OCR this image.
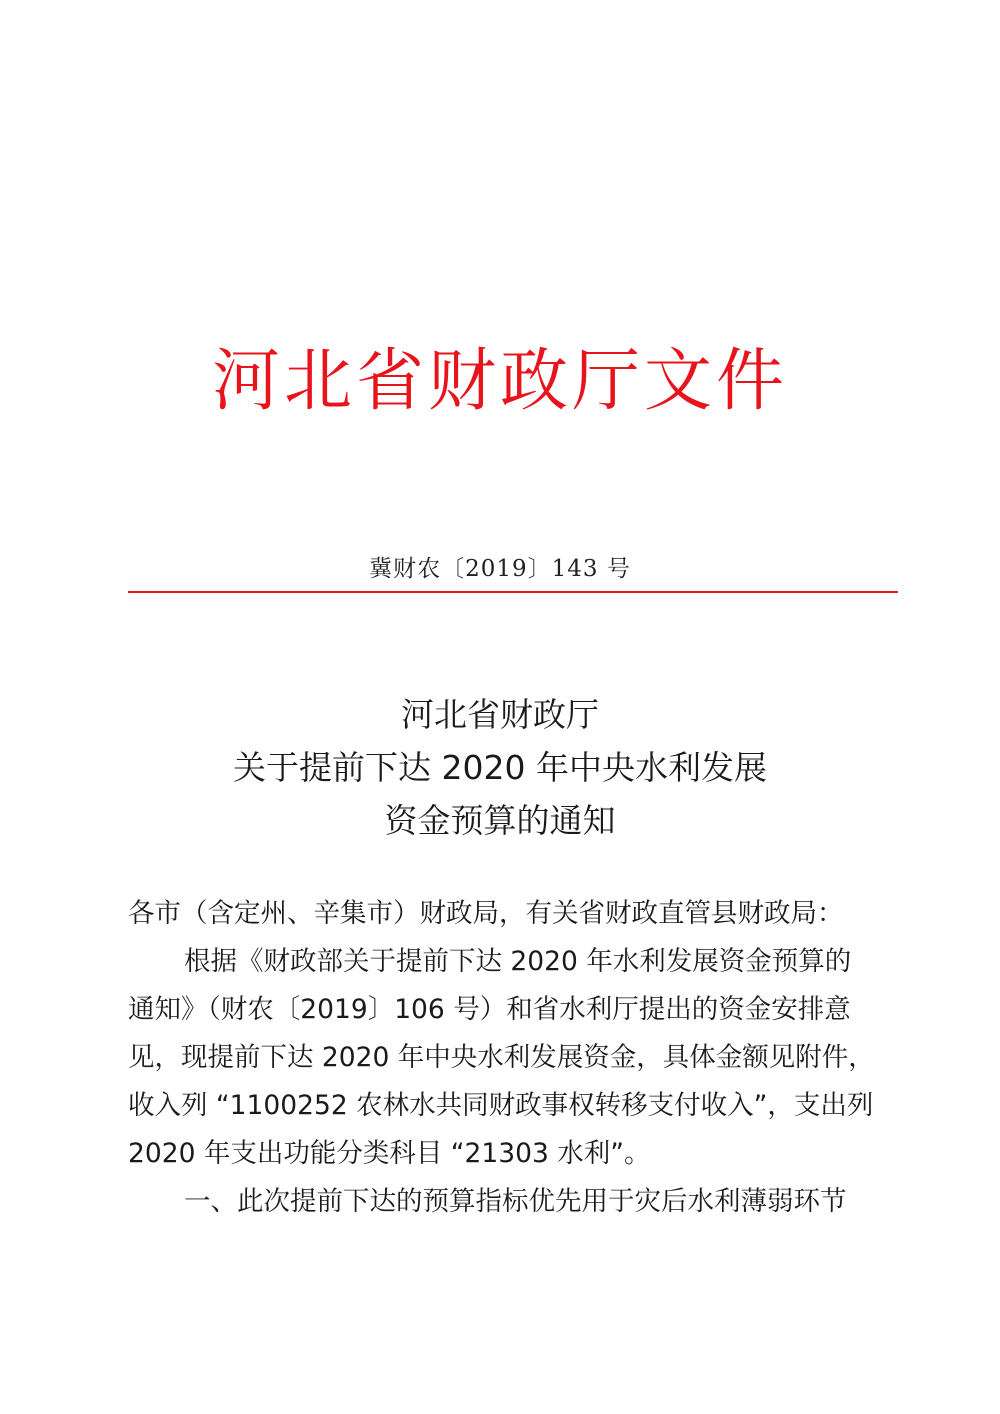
河北省财政厅文件
冀财农〔2019〕143 号
河北省财政厅
关于提前下达 2020 年中央水利发展
资金预算的通知
各市（含定州、辛集市）财政局，有关省财政直管县财政局：
根据《财政部关于提前下达 2020 年水利发展资金预算的
通知》（财农〔2019〕106 号）和省水利厅提出的资金安排意
见，现提前下达 2020 年中央水利发展资金，具体金额见附件，
收入列 “1100252 农林水共同财政事权转移支付收入”，支出列
2020 年支出功能分类科目 “21303 水利”。
一、此次提前下达的预算指标优先用于灾后水利薄弱环节
